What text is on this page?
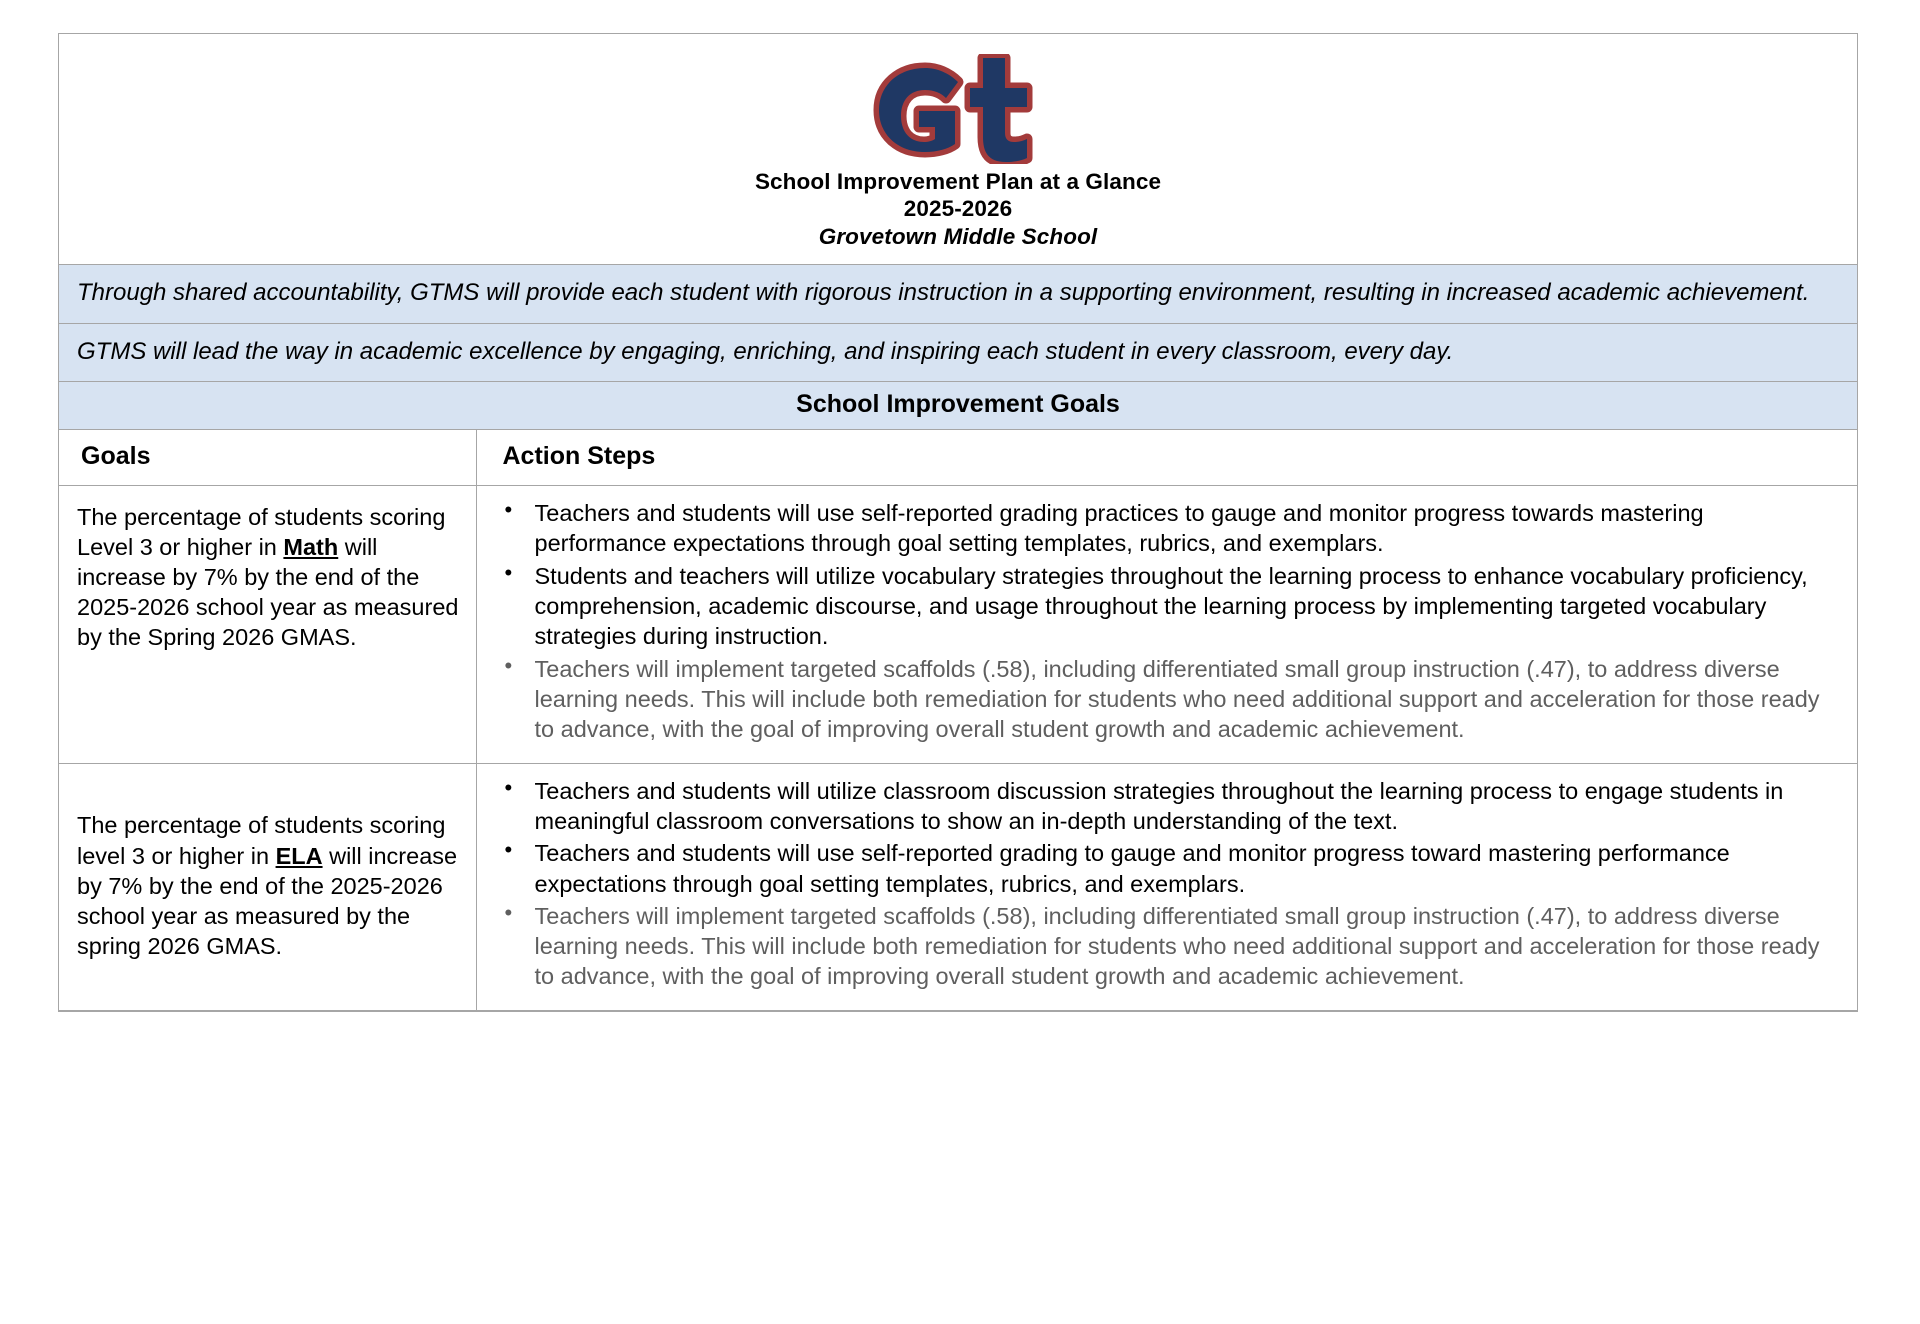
School Improvement Plan at a Glance
2025-2026
Grovetown Middle School
Through shared accountability, GTMS will provide each student with rigorous instruction in a supporting environment, resulting in increased academic achievement.
GTMS will lead the way in academic excellence by engaging, enriching, and inspiring each student in every classroom, every day.
School Improvement Goals
Goals	Action Steps
The percentage of students scoring Level 3 or higher in Math will increase by 7% by the end of the 2025-2026 school year as measured by the Spring 2026 GMAS.	
• Teachers and students will use self-reported grading practices to gauge and monitor progress towards mastering performance expectations through goal setting templates, rubrics, and exemplars.
• Students and teachers will utilize vocabulary strategies throughout the learning process to enhance vocabulary proficiency, comprehension, academic discourse, and usage throughout the learning process by implementing targeted vocabulary strategies during instruction.
• Teachers will implement targeted scaffolds (.58), including differentiated small group instruction (.47), to address diverse learning needs. This will include both remediation for students who need additional support and acceleration for those ready to advance, with the goal of improving overall student growth and academic achievement.

The percentage of students scoring level 3 or higher in ELA will increase by 7% by the end of the 2025-2026 school year as measured by the spring 2026 GMAS.	
• Teachers and students will utilize classroom discussion strategies throughout the learning process to engage students in meaningful classroom conversations to show an in-depth understanding of the text.
• Teachers and students will use self-reported grading to gauge and monitor progress toward mastering performance expectations through goal setting templates, rubrics, and exemplars.
• Teachers will implement targeted scaffolds (.58), including differentiated small group instruction (.47), to address diverse learning needs. This will include both remediation for students who need additional support and acceleration for those ready to advance, with the goal of improving overall student growth and academic achievement.
